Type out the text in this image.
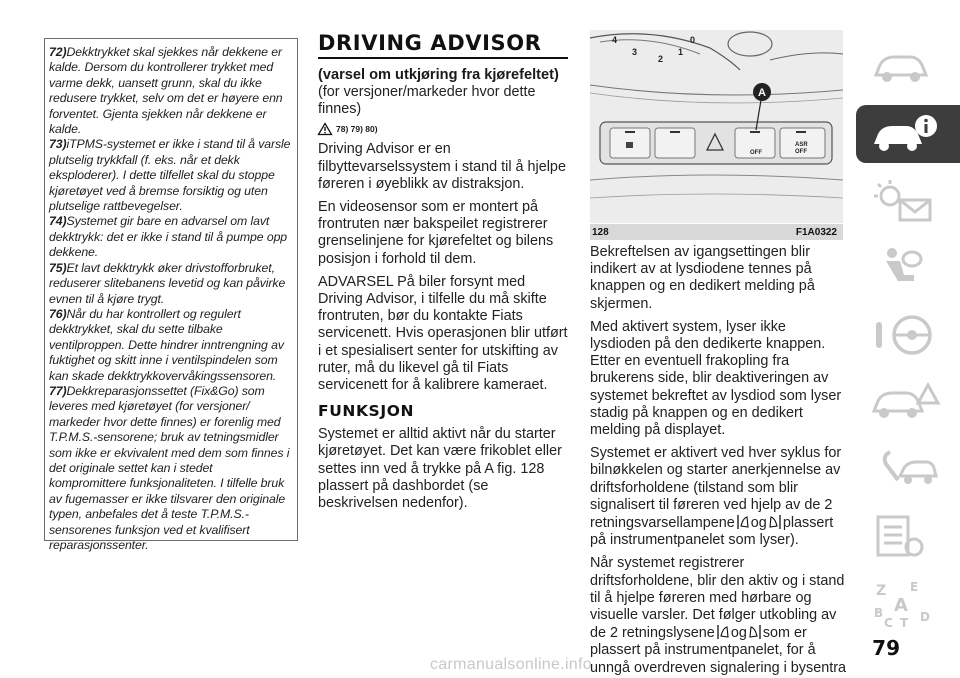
72)Dekktrykket skal sjekkes når dekkene er kalde. Dersom du kontrollerer trykket med varme dekk, uansett grunn, skal du ikke redusere trykket, selv om det er høyere enn forventet. Gjenta sjekken når dekkene er kalde.

73)iTPMS-systemet er ikke i stand til å varsle plutselig trykkfall (f. eks. når et dekk eksploderer). I dette tilfellet skal du stoppe kjøretøyet ved å bremse forsiktig og uten plutselige rattbevegelser.

74)Systemet gir bare en advarsel om lavt dekktrykk: det er ikke i stand til å pumpe opp dekkene.

75)Et lavt dekktrykk øker drivstofforbruket, reduserer slitebanens levetid og kan påvirke evnen til å kjøre trygt.

76)Når du har kontrollert og regulert dekktrykket, skal du sette tilbake ventilproppen. Dette hindrer inntrengning av fuktighet og skitt inne i ventilspindelen som kan skade dekktrykkovervåkingssensoren.

77)Dekkreparasjonssettet (Fix&Go) som leveres med kjøretøyet (for versjoner/ markeder hvor dette finnes) er forenlig med T.P.M.S.-sensorene; bruk av tetningsmidler som ikke er ekvivalent med dem som finnes i det originale settet kan i stedet kompromittere funksjonaliteten. I tilfelle bruk av fugemasser er ikke tilsvarer den originale typen, anbefales det å teste T.P.M.S.-sensorenes funksjon ved et kvalifisert reparasjonssenter.

DRIVING ADVISOR
(varsel om utkjøring fra kjørefeltet)
(for versjoner/markeder hvor dette finnes)
78) 79) 80)

Driving Advisor er en filbyttevarselssystem i stand til å hjelpe føreren i øyeblikk av distraksjon.

En videosensor som er montert på frontruten nær bakspeilet registrerer grenselinjene for kjørefeltet og bilens posisjon i forhold til dem.

ADVARSEL På biler forsynt med Driving Advisor, i tilfelle du må skifte frontruten, bør du kontakte Fiats servicenett. Hvis operasjonen blir utført i et spesialisert senter for utskifting av ruter, må du likevel gå til Fiats servicenett for å kalibrere kameraet.

FUNKSJON

Systemet er alltid aktivt når du starter kjøretøyet. Det kan være frikoblet eller settes inn ved å trykke på A fig. 128 plassert på dashbordet (se beskrivelsen nedenfor).

4
3
2
1
0
OFF
ASR
OFF
A
128	F1A0322

Bekreftelsen av igangsettingen blir indikert av at lysdiodene tennes på knappen og en dedikert melding på skjermen.

Med aktivert system, lyser ikke lysdioden på den dedikerte knappen. Etter en eventuell frakopling fra brukerens side, blir deaktiveringen av systemet bekreftet av lysdiod som lyser stadig på knappen og en dedikert melding på displayet.

Systemet er aktivert ved hver syklus for bilnøkkelen og starter anerkjennelse av driftsforholdene (tilstand som blir signalisert til føreren ved hjelp av de 2 retningsvarsellampene og plassert på instrumentpanelet som lyser).

Når systemet registrerer driftsforholdene, blir den aktiv og i stand til å hjelpe føreren med hørbare og visuelle varsler. Det følger utkobling av de 2 retningslysene og som er plassert på instrumentpanelet, for å unngå overdreven signalering i bysentra

Z E
A
B	D
C T
79
carmanualsonline.info
